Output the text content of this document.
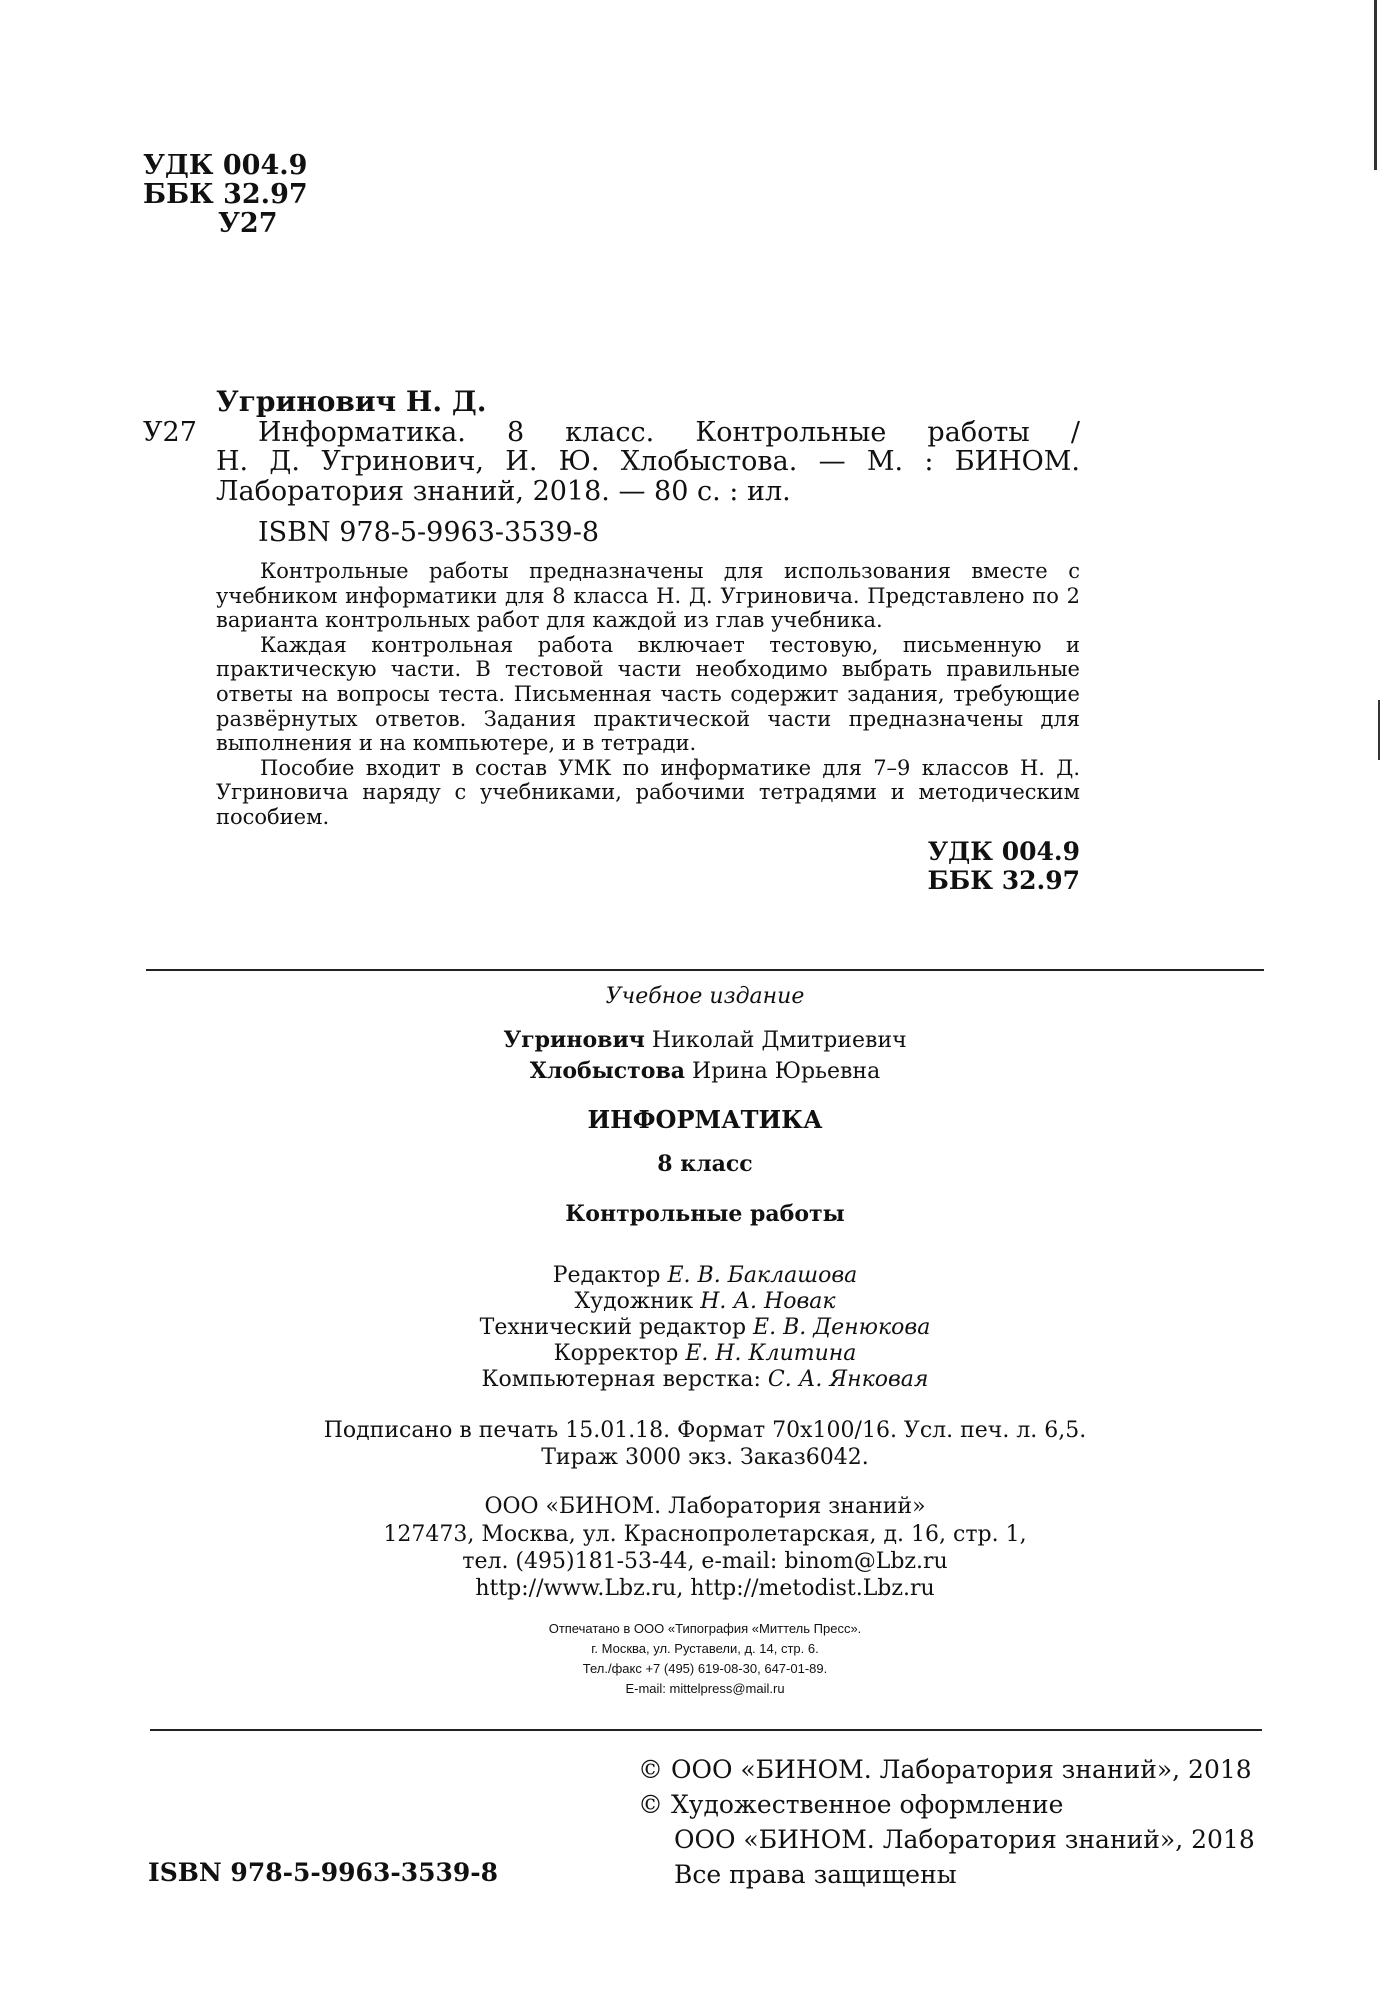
УДК 004.9
ББК 32.97
У27
Угринович Н. Д.
У27 Информатика. 8 класс. Контрольные работы /
Н. Д. Угринович, И. Ю. Хлобыстова. — М. : БИНОМ.
Лаборатория знаний, 2018. — 80 с. : ил.
ISBN 978-5-9963-3539-8

Контрольные работы предназначены для использования вместе с учебником информатики для 8 класса Н. Д. Угриновича. Представлено по 2 варианта контрольных работ для каждой из глав учебника.

Каждая контрольная работа включает тестовую, письменную и практическую части. В тестовой части необходимо выбрать правильные ответы на вопросы теста. Письменная часть содержит задания, требующие развёрнутых ответов. Задания практической части предназначены для выполнения и на компьютере, и в тетради.

Пособие входит в состав УМК по информатике для 7–9 классов Н. Д. Угриновича наряду с учебниками, рабочими тетрадями и методическим пособием.

УДК 004.9
ББК 32.97
Учебное издание
Угринович Николай Дмитриевич
Хлобыстова Ирина Юрьевна
ИНФОРМАТИКА
8 класс
Контрольные работы
Редактор Е. В. Баклашова
Художник Н. А. Новак
Технический редактор Е. В. Денюкова
Корректор Е. Н. Клитина
Компьютерная верстка: С. А. Янковая
Подписано в печать 15.01.18. Формат 70х100/16. Усл. печ. л. 6,5.
Тираж 3000 экз. Заказ6042.
ООО «БИНОМ. Лаборатория знаний»
127473, Москва, ул. Краснопролетарская, д. 16, стр. 1,
тел. (495)181-53-44, e-mail: binom@Lbz.ru
http://www.Lbz.ru, http://metodist.Lbz.ru
Отпечатано в ООО «Типография «Миттель Пресс».
г. Москва, ул. Руставели, д. 14, стр. 6.
Тел./факс +7 (495) 619-08-30, 647-01-89.
E-mail: mittelpress@mail.ru
ISBN 978-5-9963-3539-8
© ООО «БИНОМ. Лаборатория знаний», 2018
© Художественное оформление
ООО «БИНОМ. Лаборатория знаний», 2018
Все права защищены
